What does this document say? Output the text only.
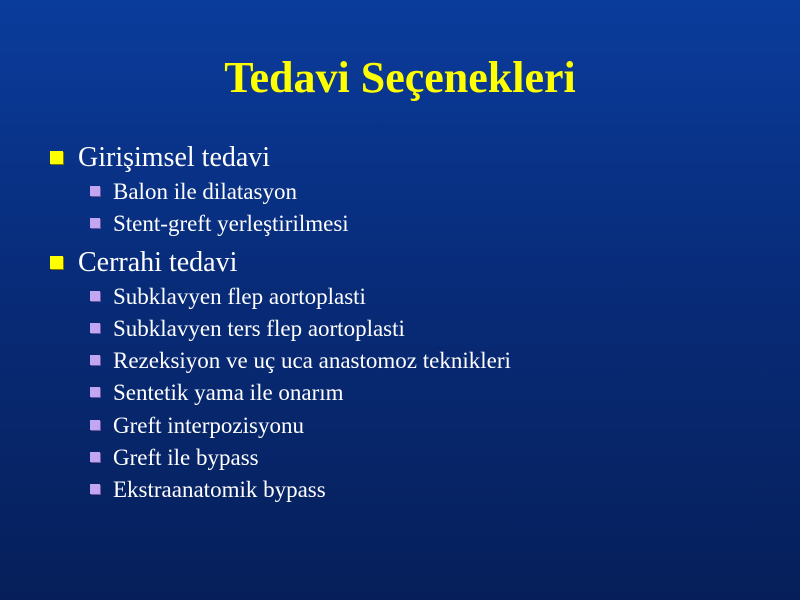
Tedavi Seçenekleri
Girişimsel tedavi
Balon ile dilatasyon
Stent-greft yerleştirilmesi
Cerrahi tedavi
Subklavyen flep aortoplasti
Subklavyen ters flep aortoplasti
Rezeksiyon ve uç uca anastomoz teknikleri
Sentetik yama ile onarım
Greft interpozisyonu
Greft ile bypass
Ekstraanatomik bypass
